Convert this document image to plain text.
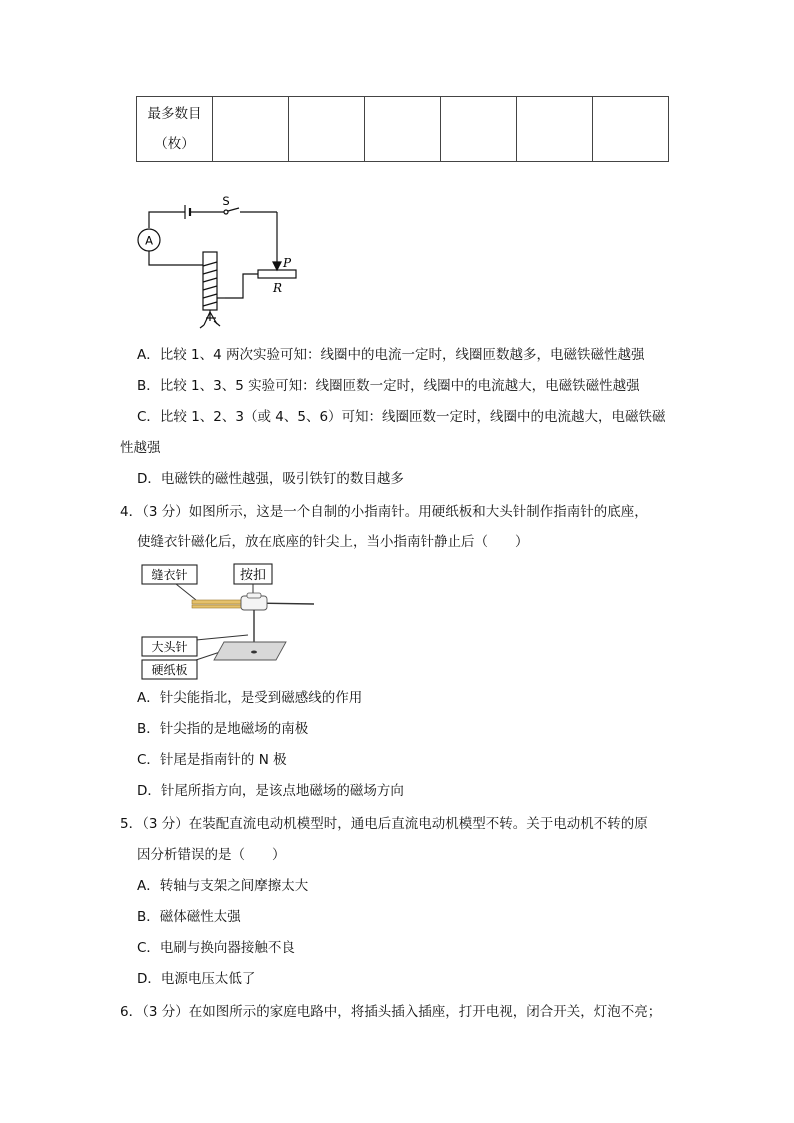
最多数目
（枚）

A
S
P
R
A．比较 1、4 两次实验可知：线圈中的电流一定时，线圈匝数越多，电磁铁磁性越强
B．比较 1、3、5 实验可知：线圈匝数一定时，线圈中的电流越大，电磁铁磁性越强
C．比较 1、2、3（或 4、5、6）可知：线圈匝数一定时，线圈中的电流越大，电磁铁磁
性越强
D．电磁铁的磁性越强，吸引铁钉的数目越多
4．（3 分）如图所示，这是一个自制的小指南针。用硬纸板和大头针制作指南针的底座，
使缝衣针磁化后，放在底座的针尖上，当小指南针静止后（　　）
缝衣针	按扣
大头针
硬纸板
A．针尖能指北，是受到磁感线的作用
B．针尖指的是地磁场的南极
C．针尾是指南针的 N 极
D．针尾所指方向，是该点地磁场的磁场方向
5．（3 分）在装配直流电动机模型时，通电后直流电动机模型不转。关于电动机不转的原
因分析错误的是（　　）
A．转轴与支架之间摩擦太大
B．磁体磁性太强
C．电刷与换向器接触不良
D．电源电压太低了
6．（3 分）在如图所示的家庭电路中，将插头插入插座，打开电视，闭合开关，灯泡不亮；
